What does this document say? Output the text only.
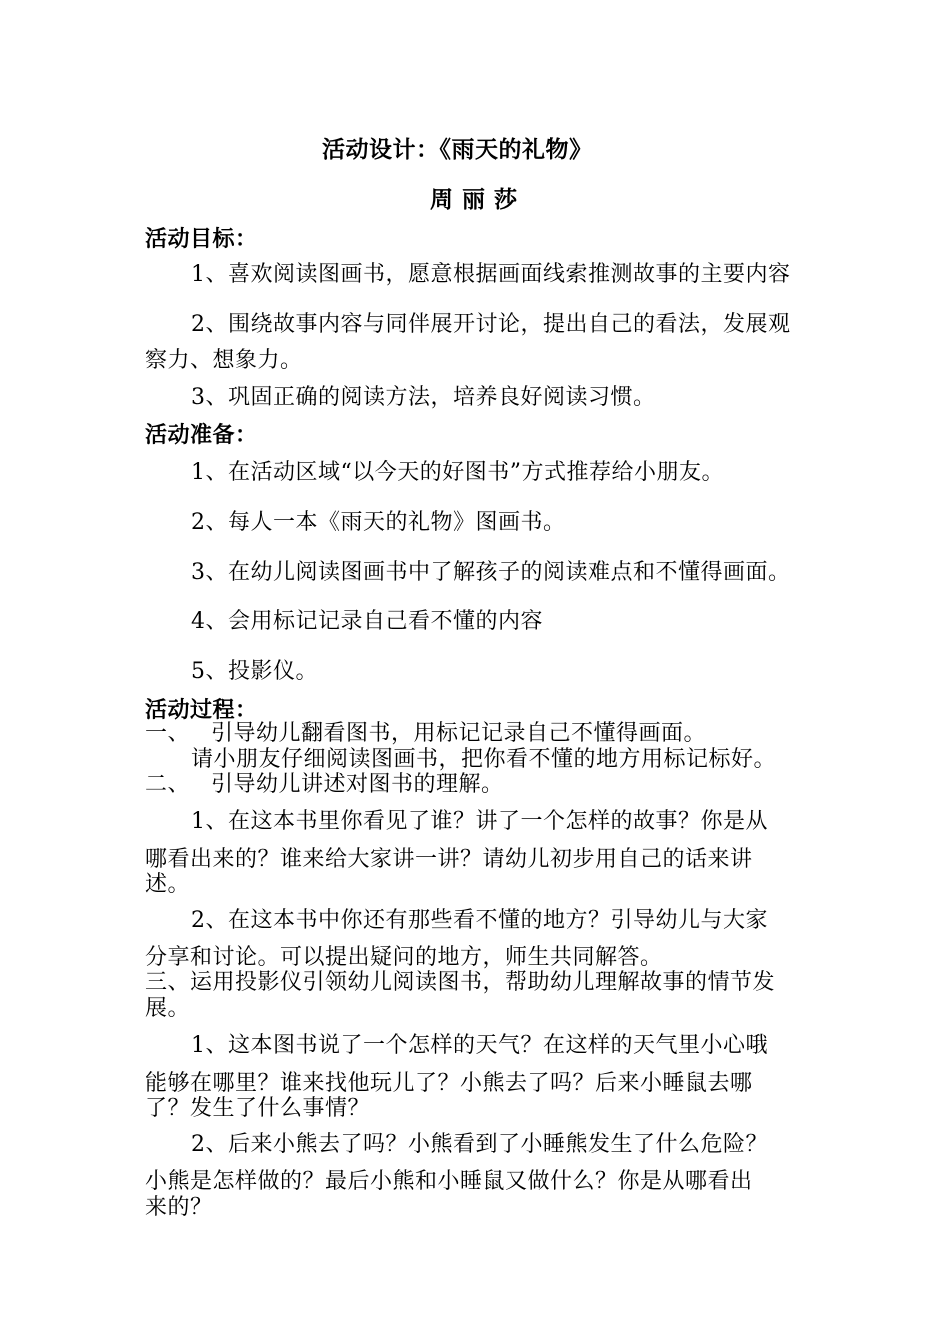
活动设计：《雨天的礼物》
周 丽 莎
活动目标：
1、喜欢阅读图画书，愿意根据画面线索推测故事的主要内容
2、围绕故事内容与同伴展开讨论，提出自己的看法，发展观
察力、想象力。
3、巩固正确的阅读方法，培养良好阅读习惯。
活动准备：
1、在活动区域“以今天的好图书”方式推荐给小朋友。
2、每人一本《雨天的礼物》图画书。
3、在幼儿阅读图画书中了解孩子的阅读难点和不懂得画面。
4、会用标记记录自己看不懂的内容
5、投影仪。
活动过程：
一、 引导幼儿翻看图书，用标记记录自己不懂得画面。
请小朋友仔细阅读图画书，把你看不懂的地方用标记标好。
二、 引导幼儿讲述对图书的理解。
1、在这本书里你看见了谁？讲了一个怎样的故事？你是从
哪看出来的？谁来给大家讲一讲？请幼儿初步用自己的话来讲
述。
2、在这本书中你还有那些看不懂的地方？引导幼儿与大家
分享和讨论。可以提出疑问的地方，师生共同解答。
三、运用投影仪引领幼儿阅读图书，帮助幼儿理解故事的情节发
展。
1、这本图书说了一个怎样的天气？在这样的天气里小心哦
能够在哪里？谁来找他玩儿了？小熊去了吗？后来小睡鼠去哪
了？发生了什么事情？
2、后来小熊去了吗？小熊看到了小睡熊发生了什么危险？
小熊是怎样做的？最后小熊和小睡鼠又做什么？你是从哪看出
来的？
